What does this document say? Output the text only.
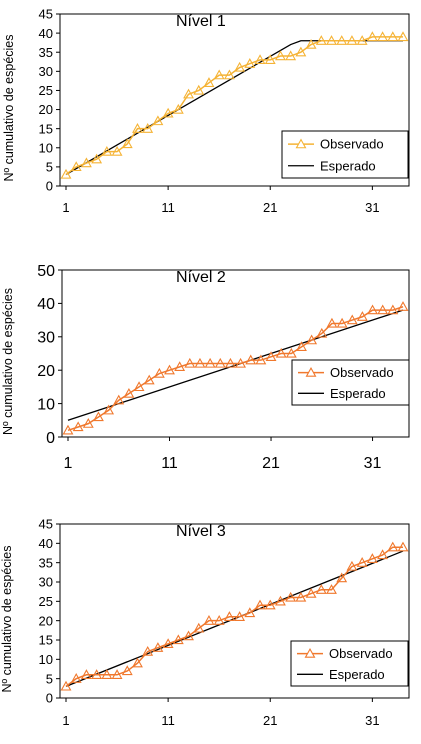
0
5
10
15
20
25
30
35
40
45
1	11	21	31
Nível 1
Nº cumulativo de espécies	Observado
Esperado
0
10
20
30
40
50
1	11	21	31
Nível 2
Nº cumulativo de espécies	Observado
Esperado
0
5
10
15
20
25
30
35
40
45
1	11	21	31
Nível 3
Nº cumulativo de espécies	Observado
Esperado
